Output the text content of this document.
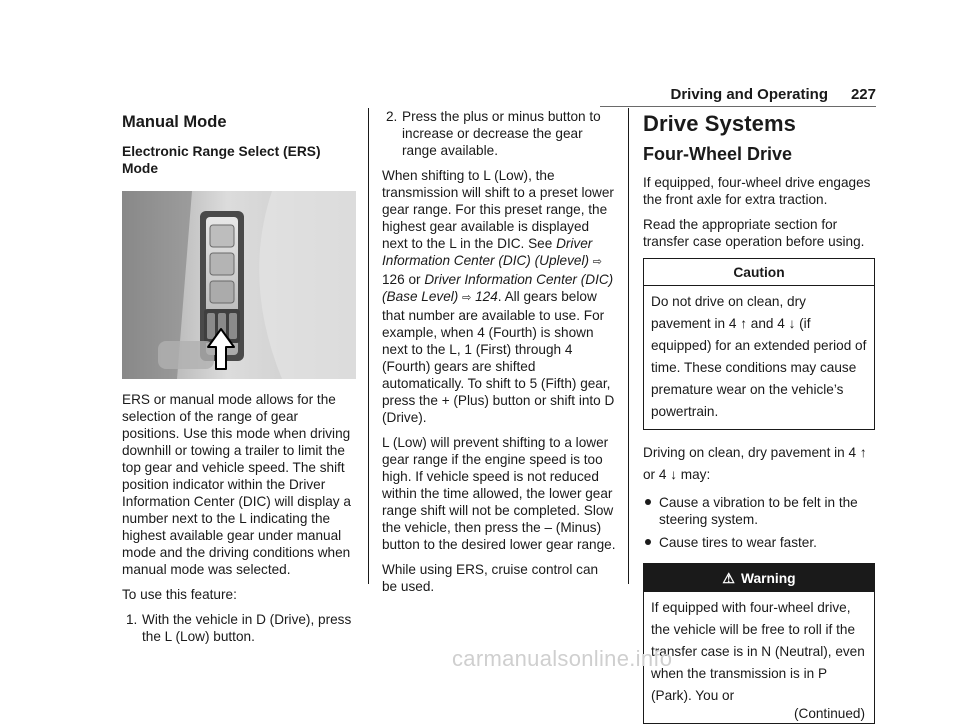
Driving and Operating 227
Manual Mode
Electronic Range Select (ERS) Mode

ERS or manual mode allows for the selection of the range of gear positions. Use this mode when driving downhill or towing a trailer to limit the top gear and vehicle speed. The shift position indicator within the Driver Information Center (DIC) will display a number next to the L indicating the highest available gear under manual mode and the driving conditions when manual mode was selected.

To use this feature:

1. With the vehicle in D (Drive), press the L (Low) button.
2. Press the plus or minus button to increase or decrease the gear range available.

When shifting to L (Low), the transmission will shift to a preset lower gear range. For this preset range, the highest gear available is displayed next to the L in the DIC. See Driver Information Center (DIC) (Uplevel) ⇨ 126 or Driver Information Center (DIC) (Base Level) ⇨ 124. All gears below that number are available to use. For example, when 4 (Fourth) is shown next to the L, 1 (First) through 4 (Fourth) gears are shifted automatically. To shift to 5 (Fifth) gear, press the + (Plus) button or shift into D (Drive).

L (Low) will prevent shifting to a lower gear range if the engine speed is too high. If vehicle speed is not reduced within the time allowed, the lower gear range shift will not be completed. Slow the vehicle, then press the – (Minus) button to the desired lower gear range.

While using ERS, cruise control can be used.

Drive Systems
Four-Wheel Drive

If equipped, four-wheel drive engages the front axle for extra traction.

Read the appropriate section for transfer case operation before using.

Caution
Do not drive on clean, dry pavement in 4 ↑ and 4 ↓ (if equipped) for an extended period of time. These conditions may cause premature wear on the vehicle’s powertrain.

Driving on clean, dry pavement in 4 ↑ or 4 ↓ may:

Cause a vibration to be felt in the steering system.
Cause tires to wear faster.
⚠ Warning
If equipped with four-wheel drive, the vehicle will be free to roll if the transfer case is in N (Neutral), even when the transmission is in P (Park). You or
(Continued)
carmanualsonline.info
